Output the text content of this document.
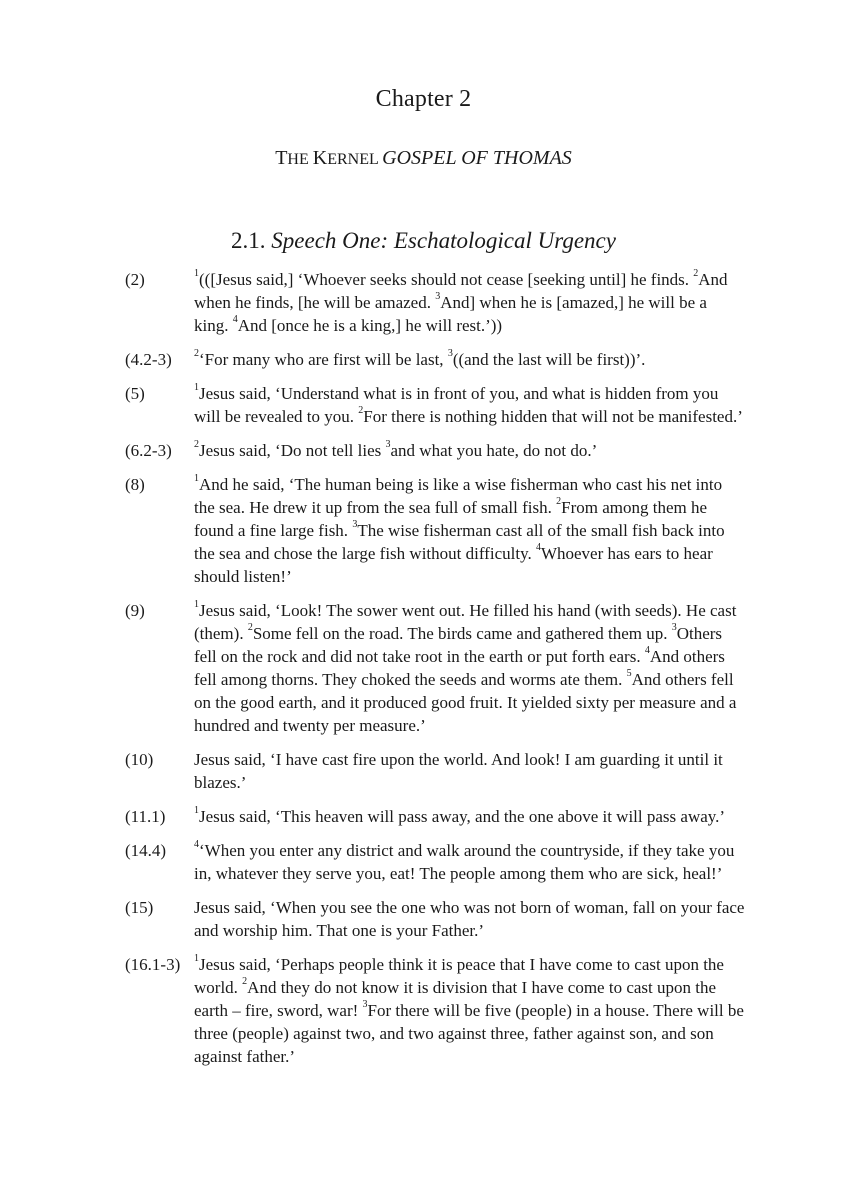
Chapter 2
THE KERNEL GOSPEL OF THOMAS
2.1. Speech One: Eschatological Urgency
(2)	$^1$(([Jesus said,] ‘Whoever seeks should not cease [seeking until] he finds. $^2$And when he finds, [he will be amazed. $^3$And] when he is [amazed,] he will be a king. $^4$And [once he is a king,] he will rest.’))
(4.2-3)	$^2$‘For many who are first will be last, $^3$((and the last will be first))’.
(5)	$^1$Jesus said, ‘Understand what is in front of you, and what is hidden from you will be revealed to you. $^2$For there is nothing hidden that will not be manifested.’
(6.2-3)	$^2$Jesus said, ‘Do not tell lies $^3$and what you hate, do not do.’
(8)	$^1$And he said, ‘The human being is like a wise fisherman who cast his net into the sea. He drew it up from the sea full of small fish. $^2$From among them he found a fine large fish. $^3$The wise fisherman cast all of the small fish back into the sea and chose the large fish without difficulty. $^4$Whoever has ears to hear should listen!’
(9)	$^1$Jesus said, ‘Look! The sower went out. He filled his hand (with seeds). He cast (them). $^2$Some fell on the road. The birds came and gathered them up. $^3$Others fell on the rock and did not take root in the earth or put forth ears. $^4$And others fell among thorns. They choked the seeds and worms ate them. $^5$And others fell on the good earth, and it produced good fruit. It yielded sixty per measure and a hundred and twenty per measure.’
(10)	Jesus said, ‘I have cast fire upon the world. And look! I am guarding it until it blazes.’
(11.1)	$^1$Jesus said, ‘This heaven will pass away, and the one above it will pass away.’
(14.4)	$^4$‘When you enter any district and walk around the countryside, if they take you in, whatever they serve you, eat! The people among them who are sick, heal!’
(15)	Jesus said, ‘When you see the one who was not born of woman, fall on your face and worship him. That one is your Father.’
(16.1-3)	$^1$Jesus said, ‘Perhaps people think it is peace that I have come to cast upon the world. $^2$And they do not know it is division that I have come to cast upon the earth – fire, sword, war! $^3$For there will be five (people) in a house. There will be three (people) against two, and two against three, father against son, and son against father.’
